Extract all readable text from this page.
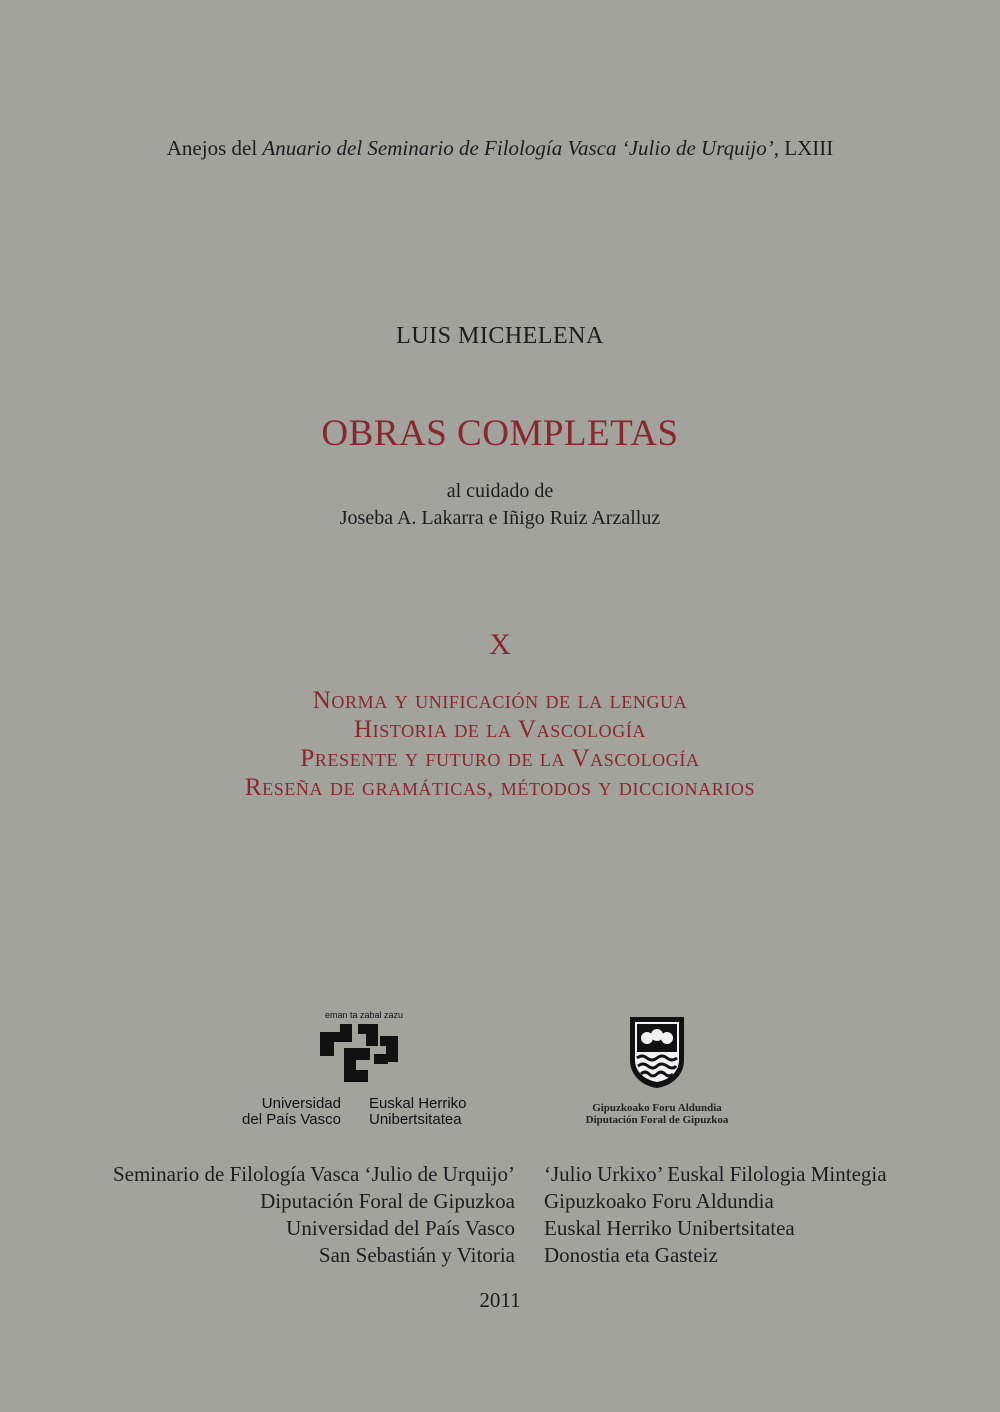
Anejos del Anuario del Seminario de Filología Vasca ‘Julio de Urquijo’, LXIII
LUIS MICHELENA
OBRAS COMPLETAS
al cuidado de
Joseba A. Lakarra e Iñigo Ruiz Arzalluz
X
Norma y unificación de la lengua
Historia de la Vascología
Presente y futuro de la Vascología
Reseña de gramáticas, métodos y diccionarios
eman ta zabal zazu
Universidad
del País Vasco
Euskal Herriko
Unibertsitatea
Gipuzkoako Foru Aldundia
Diputación Foral de Gipuzkoa
Seminario de Filología Vasca ‘Julio de Urquijo’
Diputación Foral de Gipuzkoa
Universidad del País Vasco
San Sebastián y Vitoria
‘Julio Urkixo’ Euskal Filologia Mintegia
Gipuzkoako Foru Aldundia
Euskal Herriko Unibertsitatea
Donostia eta Gasteiz
2011
